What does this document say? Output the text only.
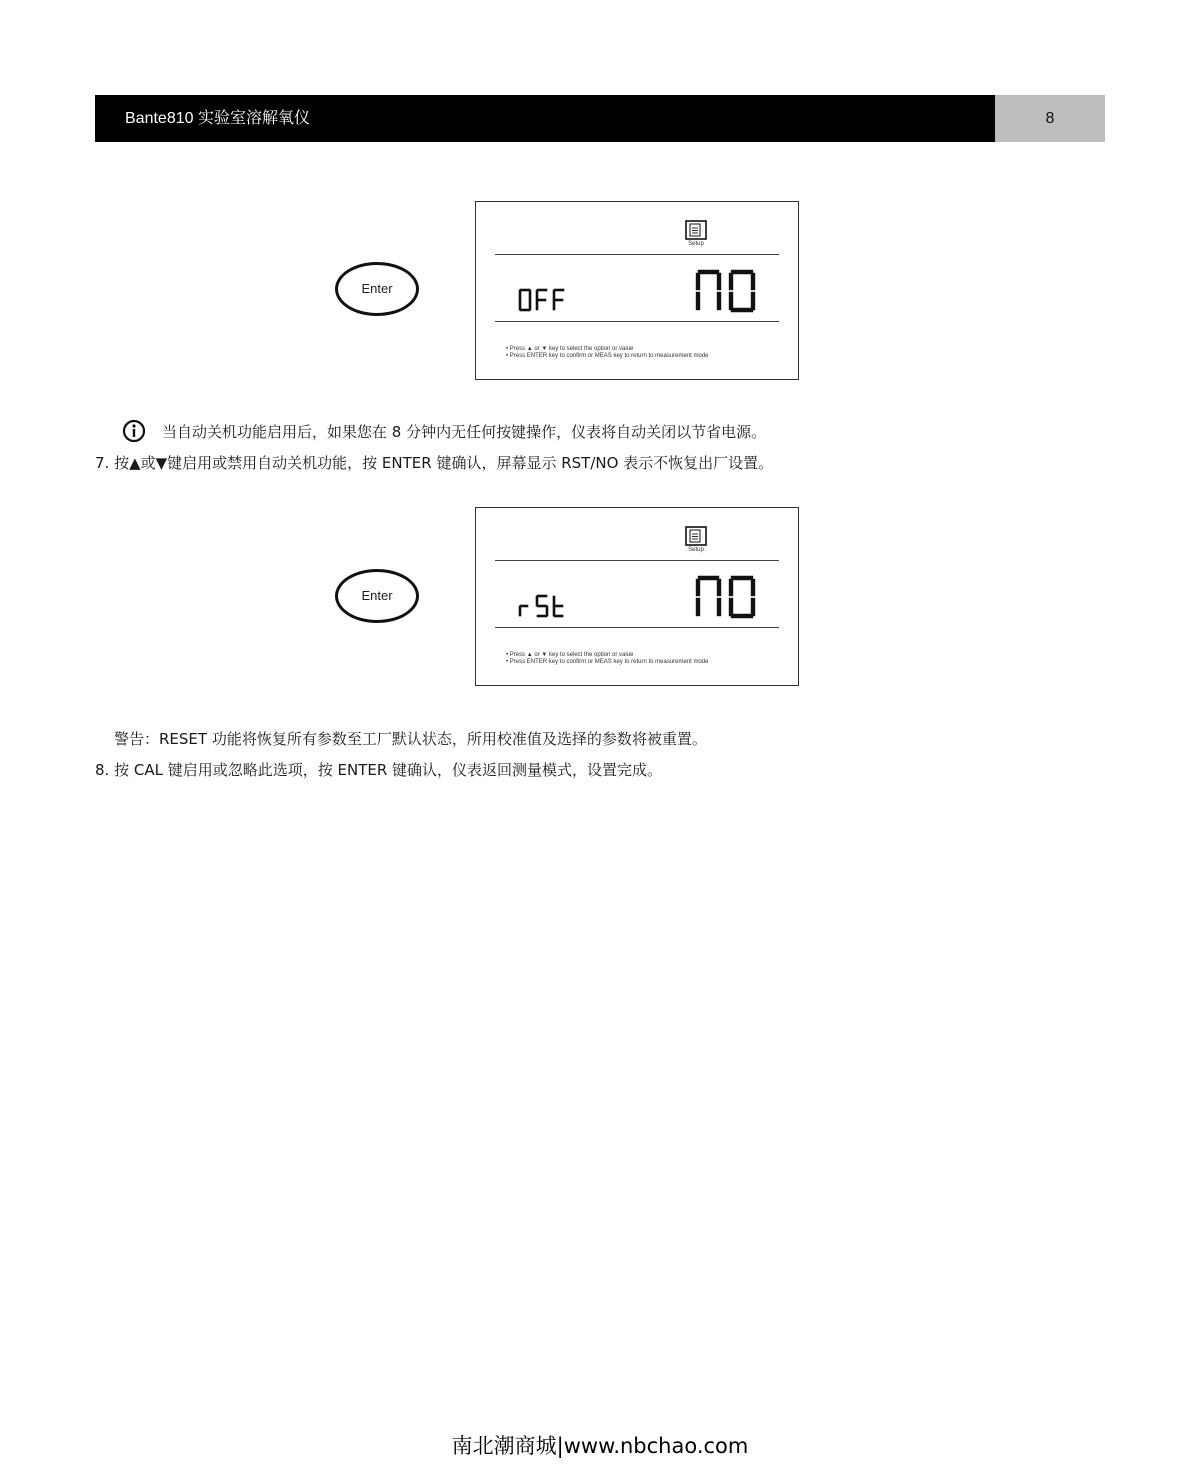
Bante810 实验室溶解氧仪	8
Enter
Setup
• Press ▲ or ▼ key to select the option or value
• Press ENTER key to confirm or MEAS key to return to measurement mode
当自动关机功能启用后，如果您在 8 分钟内无任何按键操作，仪表将自动关闭以节省电源。
7. 按▲或▼键启用或禁用自动关机功能，按 ENTER 键确认，屏幕显示 RST/NO 表示不恢复出厂设置。
Enter
Setup
• Press ▲ or ▼ key to select the option or value
• Press ENTER key to confirm or MEAS key to return to measurement mode
警告：RESET 功能将恢复所有参数至工厂默认状态，所用校准值及选择的参数将被重置。
8. 按 CAL 键启用或忽略此选项，按 ENTER 键确认，仪表返回测量模式，设置完成。
南北潮商城|www.nbchao.com
